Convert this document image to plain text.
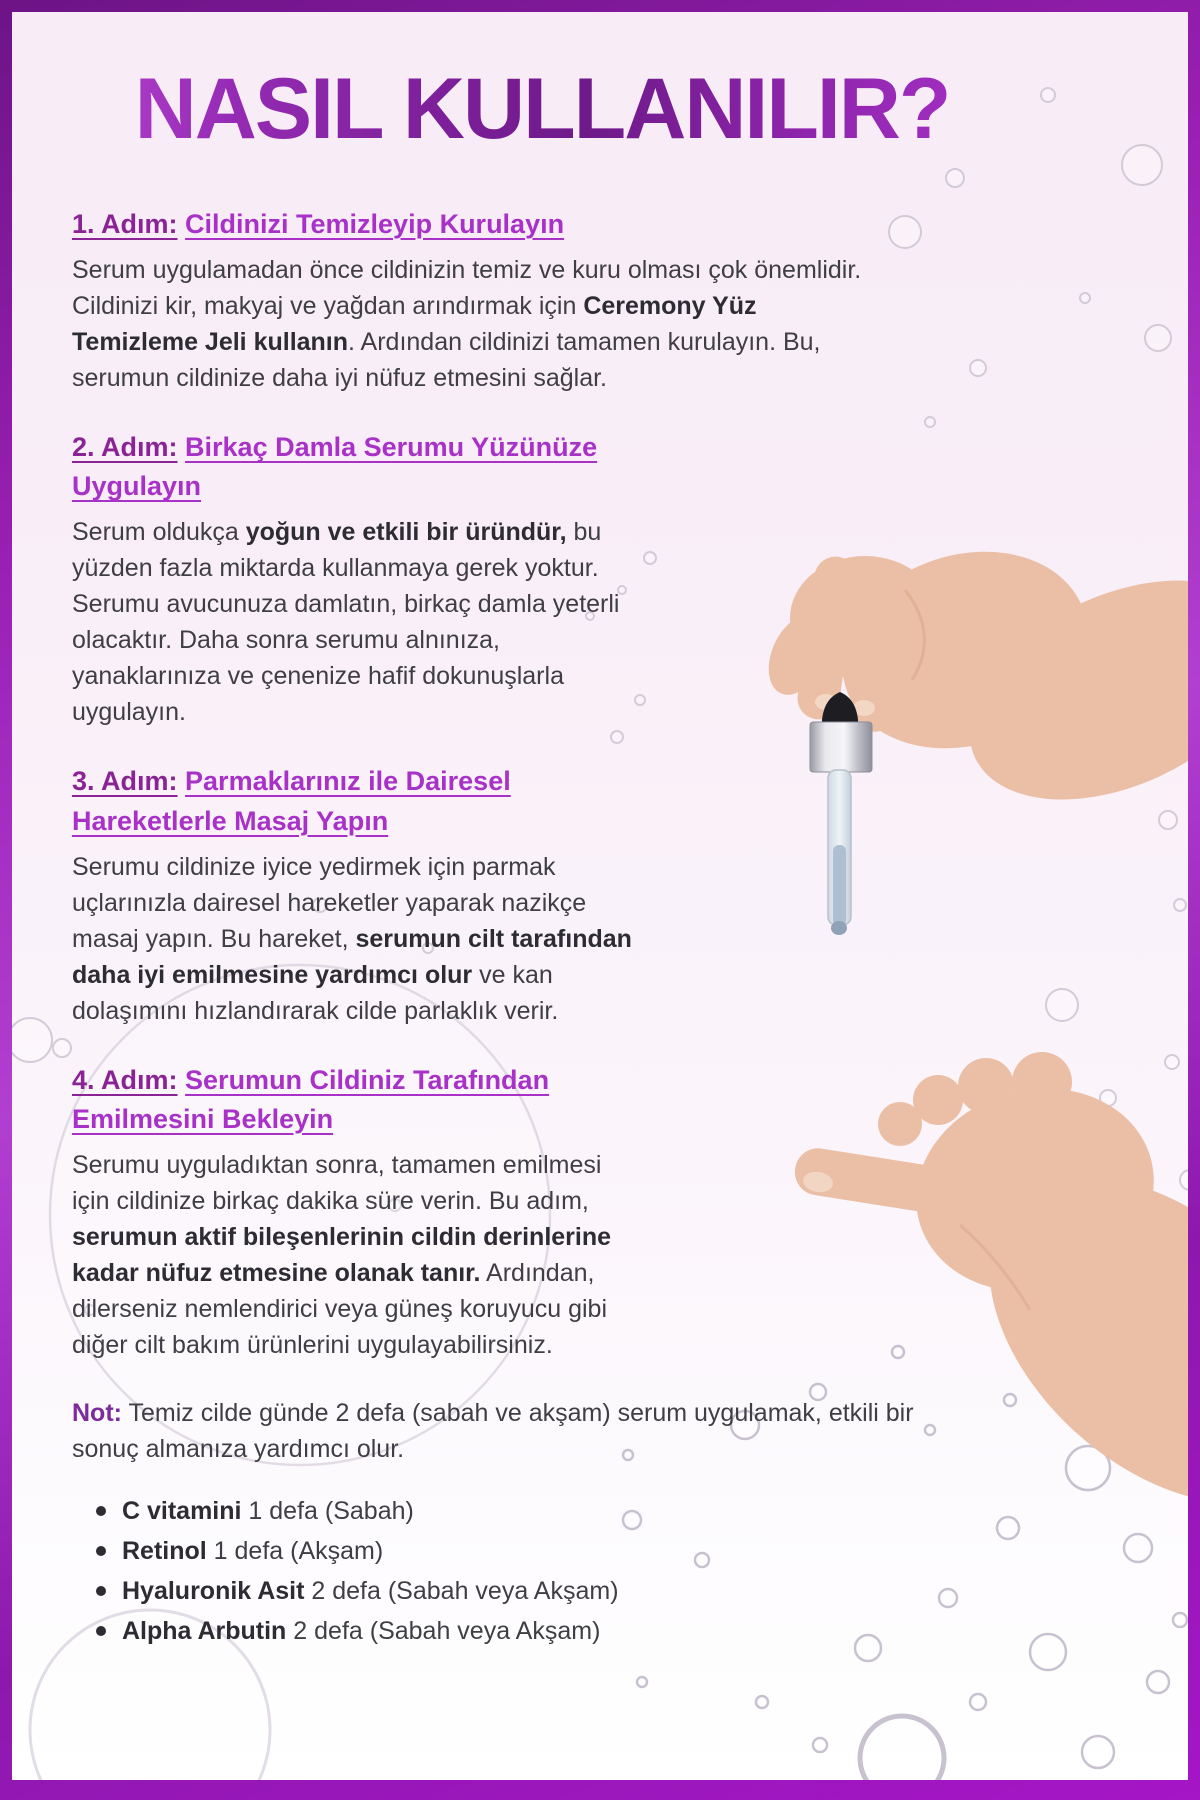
NASIL KULLANILIR?
1. Adım: Cildinizi Temizleyip Kurulayın
Serum uygulamadan önce cildinizin temiz ve kuru olması çok önemlidir. Cildinizi kir, makyaj ve yağdan arındırmak için Ceremony Yüz Temizleme Jeli kullanın. Ardından cildinizi tamamen kurulayın. Bu, serumun cildinize daha iyi nüfuz etmesini sağlar.
2. Adım: Birkaç Damla Serumu Yüzünüze Uygulayın
Serum oldukça yoğun ve etkili bir üründür, bu yüzden fazla miktarda kullanmaya gerek yoktur. Serumu avucunuza damlatın, birkaç damla yeterli olacaktır. Daha sonra serumu alnınıza, yanaklarınıza ve çenenize hafif dokunuşlarla uygulayın.
3. Adım: Parmaklarınız ile Dairesel Hareketlerle Masaj Yapın
Serumu cildinize iyice yedirmek için parmak uçlarınızla dairesel hareketler yaparak nazikçe masaj yapın. Bu hareket, serumun cilt tarafından daha iyi emilmesine yardımcı olur ve kan dolaşımını hızlandırarak cilde parlaklık verir.
4. Adım: Serumun Cildiniz Tarafından Emilmesini Bekleyin
Serumu uyguladıktan sonra, tamamen emilmesi için cildinize birkaç dakika süre verin. Bu adım, serumun aktif bileşenlerinin cildin derinlerine kadar nüfuz etmesine olanak tanır. Ardından, dilerseniz nemlendirici veya güneş koruyucu gibi diğer cilt bakım ürünlerini uygulayabilirsiniz.
Not: Temiz cilde günde 2 defa (sabah ve akşam) serum uygulamak, etkili bir sonuç almanıza yardımcı olur.
C vitamini 1 defa (Sabah)
Retinol 1 defa (Akşam)
Hyaluronik Asit 2 defa (Sabah veya Akşam)
Alpha Arbutin 2 defa (Sabah veya Akşam)
